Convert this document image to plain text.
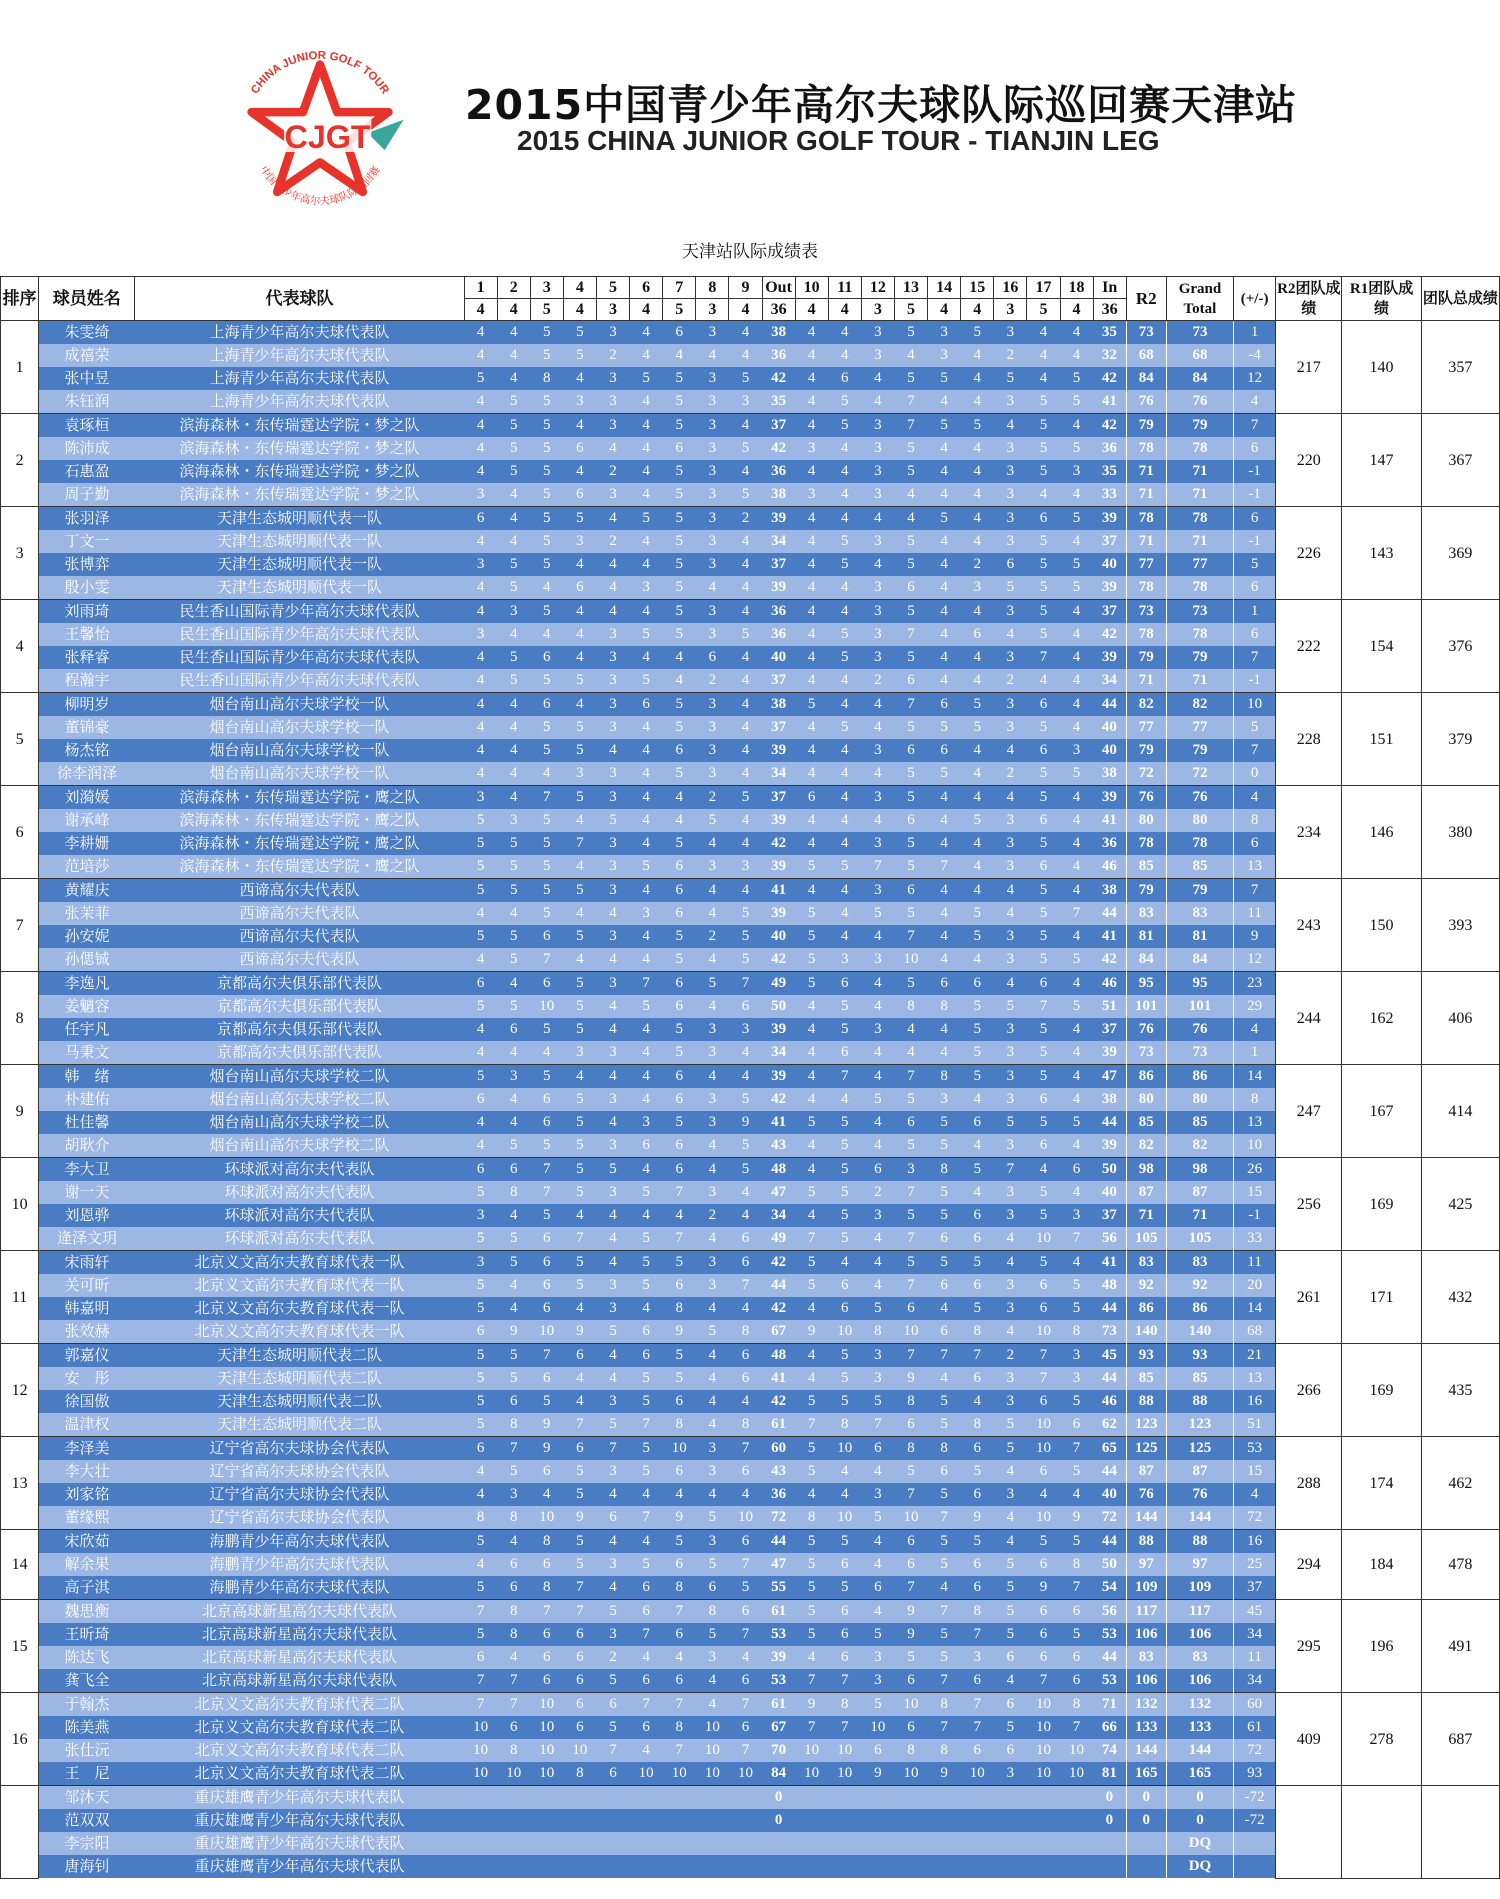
CJGT
CHINA JUNIOR GOLF TOUR
中国青少年高尔夫球队际巡回赛
2015中国青少年高尔夫球队际巡回赛天津站
2015 CHINA JUNIOR GOLF TOUR - TIANJIN LEG
天津站队际成绩表
排序	球员姓名	代表球队	1	2	3	4	5	6	7	8	9	Out	10	11	12	13	14	15	16	17	18	In	R2	Grand Total	(+/-)	R2团队成绩	R1团队成绩	团队总成绩
			4	4	5	4	3	4	5	3	4	36	4	4	3	5	4	4	3	5	4	36						
1	朱雯绮	上海青少年高尔夫球代表队	4	4	5	5	3	4	6	3	4	38	4	4	3	5	3	5	3	4	4	35	73	73	1	217	140	357
	成禧荣	上海青少年高尔夫球代表队	4	4	5	5	2	4	4	4	4	36	4	4	3	4	3	4	2	4	4	32	68	68	-4			
	张中昱	上海青少年高尔夫球代表队	5	4	8	4	3	5	5	3	5	42	4	6	4	5	5	4	5	4	5	42	84	84	12			
	朱钰润	上海青少年高尔夫球代表队	4	5	5	3	3	4	5	3	3	35	4	5	4	7	4	4	3	5	5	41	76	76	4			
2	袁琢桓	滨海森林・东传瑞霆达学院・梦之队	4	5	5	4	3	4	5	3	4	37	4	5	3	7	5	5	4	5	4	42	79	79	7	220	147	367
	陈沛成	滨海森林・东传瑞霆达学院・梦之队	4	5	5	6	4	4	6	3	5	42	3	4	3	5	4	4	3	5	5	36	78	78	6			
	石惠盈	滨海森林・东传瑞霆达学院・梦之队	4	5	5	4	2	4	5	3	4	36	4	4	3	5	4	4	3	5	3	35	71	71	-1			
	周子勤	滨海森林・东传瑞霆达学院・梦之队	3	4	5	6	3	4	5	3	5	38	3	4	3	4	4	4	3	4	4	33	71	71	-1			
3	张羽泽	天津生态城明顺代表一队	6	4	5	5	4	5	5	3	2	39	4	4	4	4	5	4	3	6	5	39	78	78	6	226	143	369
	丁文一	天津生态城明顺代表一队	4	4	5	3	2	4	5	3	4	34	4	5	3	5	4	4	3	5	4	37	71	71	-1			
	张博弈	天津生态城明顺代表一队	3	5	5	4	4	4	5	3	4	37	4	5	4	5	4	2	6	5	5	40	77	77	5			
	殷小雯	天津生态城明顺代表一队	4	5	4	6	4	3	5	4	4	39	4	4	3	6	4	3	5	5	5	39	78	78	6			
4	刘雨琦	民生香山国际青少年高尔夫球代表队	4	3	5	4	4	4	5	3	4	36	4	4	3	5	4	4	3	5	4	37	73	73	1	222	154	376
	王馨怡	民生香山国际青少年高尔夫球代表队	3	4	4	4	3	5	5	3	5	36	4	5	3	7	4	6	4	5	4	42	78	78	6			
	张释睿	民生香山国际青少年高尔夫球代表队	4	5	6	4	3	4	4	6	4	40	4	5	3	5	4	4	3	7	4	39	79	79	7			
	程瀚宇	民生香山国际青少年高尔夫球代表队	4	5	5	5	3	5	4	2	4	37	4	4	2	6	4	4	2	4	4	34	71	71	-1			
5	柳明岁	烟台南山高尔夫球学校一队	4	4	6	4	3	6	5	3	4	38	5	4	4	7	6	5	3	6	4	44	82	82	10	228	151	379
	董锦豪	烟台南山高尔夫球学校一队	4	4	5	5	3	4	5	3	4	37	4	5	4	5	5	5	3	5	4	40	77	77	5			
	杨杰铭	烟台南山高尔夫球学校一队	4	4	5	5	4	4	6	3	4	39	4	4	3	6	6	4	4	6	3	40	79	79	7			
	徐李润泽	烟台南山高尔夫球学校一队	4	4	4	3	3	4	5	3	4	34	4	4	4	5	5	4	2	5	5	38	72	72	0			
6	刘漪媛	滨海森林・东传瑞霆达学院・鹰之队	3	4	7	5	3	4	4	2	5	37	6	4	3	5	4	4	4	5	4	39	76	76	4	234	146	380
	谢承峰	滨海森林・东传瑞霆达学院・鹰之队	5	3	5	4	5	4	4	5	4	39	4	4	4	6	4	5	3	6	4	41	80	80	8			
	李耕姗	滨海森林・东传瑞霆达学院・鹰之队	5	5	5	7	3	4	5	4	4	42	4	4	3	5	4	4	3	5	4	36	78	78	6			
	范培莎	滨海森林・东传瑞霆达学院・鹰之队	5	5	5	4	3	5	6	3	3	39	5	5	7	5	7	4	3	6	4	46	85	85	13			
7	黄耀庆	西谛高尔夫代表队	5	5	5	5	3	4	6	4	4	41	4	4	3	6	4	4	4	5	4	38	79	79	7	243	150	393
	张茉菲	西谛高尔夫代表队	4	4	5	4	4	3	6	4	5	39	5	4	5	5	4	5	4	5	7	44	83	83	11			
	孙安妮	西谛高尔夫代表队	5	5	6	5	3	4	5	2	5	40	5	4	4	7	4	5	3	5	4	41	81	81	9			
	孙偲铖	西谛高尔夫代表队	4	5	7	4	4	4	5	4	5	42	5	3	3	10	4	4	3	5	5	42	84	84	12			
8	李逸凡	京都高尔夫俱乐部代表队	6	4	6	5	3	7	6	5	7	49	5	6	4	5	6	6	4	6	4	46	95	95	23	244	162	406
	姜魑容	京都高尔夫俱乐部代表队	5	5	10	5	4	5	6	4	6	50	4	5	4	8	8	5	5	7	5	51	101	101	29			
	任宇凡	京都高尔夫俱乐部代表队	4	6	5	5	4	4	5	3	3	39	4	5	3	4	4	5	3	5	4	37	76	76	4			
	马秉文	京都高尔夫俱乐部代表队	4	4	4	3	3	4	5	3	4	34	4	6	4	4	4	5	3	5	4	39	73	73	1			
9	韩　绪	烟台南山高尔夫球学校二队	5	3	5	4	4	4	6	4	4	39	4	7	4	7	8	5	3	5	4	47	86	86	14	247	167	414
	朴建佑	烟台南山高尔夫球学校二队	6	4	6	5	3	4	6	3	5	42	4	4	5	5	3	4	3	6	4	38	80	80	8			
	杜佳馨	烟台南山高尔夫球学校二队	4	4	6	5	4	3	5	3	9	41	5	5	4	6	5	6	5	5	5	44	85	85	13			
	胡耿介	烟台南山高尔夫球学校二队	4	5	5	5	3	6	6	4	5	43	4	5	4	5	5	4	3	6	4	39	82	82	10			
10	李大卫	环球派对高尔夫代表队	6	6	7	5	5	4	6	4	5	48	4	5	6	3	8	5	7	4	6	50	98	98	26	256	169	425
	谢一天	环球派对高尔夫代表队	5	8	7	5	3	5	7	3	4	47	5	5	2	7	5	4	3	5	4	40	87	87	15			
	刘恩骅	环球派对高尔夫代表队	3	4	5	4	4	4	4	2	4	34	4	5	3	5	5	6	3	5	3	37	71	71	-1			
	逄泽文玥	环球派对高尔夫代表队	5	5	6	7	4	5	7	4	6	49	7	5	4	7	6	6	4	10	7	56	105	105	33			
11	宋雨轩	北京义文高尔夫教育球代表一队	3	5	6	5	4	5	5	3	6	42	5	4	4	5	5	5	4	5	4	41	83	83	11	261	171	432
	关可昕	北京义文高尔夫教育球代表一队	5	4	6	5	3	5	6	3	7	44	5	6	4	7	6	6	3	6	5	48	92	92	20			
	韩嘉明	北京义文高尔夫教育球代表一队	5	4	6	4	3	4	8	4	4	42	4	6	5	6	4	5	3	6	5	44	86	86	14			
	张效赫	北京义文高尔夫教育球代表一队	6	9	10	9	5	6	9	5	8	67	9	10	8	10	6	8	4	10	8	73	140	140	68			
12	郭嘉仪	天津生态城明顺代表二队	5	5	7	6	4	6	5	4	6	48	4	5	3	7	7	7	2	7	3	45	93	93	21	266	169	435
	安　彤	天津生态城明顺代表二队	5	5	6	4	4	5	5	4	6	41	4	5	3	9	4	6	3	7	3	44	85	85	13			
	徐国傲	天津生态城明顺代表二队	5	6	5	4	3	5	6	4	4	42	5	5	5	8	5	4	3	6	5	46	88	88	16			
	温津权	天津生态城明顺代表二队	5	8	9	7	5	7	8	4	8	61	7	8	7	6	5	8	5	10	6	62	123	123	51			
13	李泽美	辽宁省高尔夫球协会代表队	6	7	9	6	7	5	10	3	7	60	5	10	6	8	8	6	5	10	7	65	125	125	53	288	174	462
	李大壮	辽宁省高尔夫球协会代表队	4	5	6	5	3	5	6	3	6	43	5	4	4	5	6	5	4	6	5	44	87	87	15			
	刘家铭	辽宁省高尔夫球协会代表队	4	3	4	5	4	4	4	4	4	36	4	4	3	7	5	6	3	4	4	40	76	76	4			
	董缘熙	辽宁省高尔夫球协会代表队	8	8	10	9	6	7	9	5	10	72	8	10	5	10	7	9	4	10	9	72	144	144	72			
14	宋欣茹	海鹏青少年高尔夫球代表队	5	4	8	5	4	4	5	3	6	44	5	5	4	6	5	5	4	5	5	44	88	88	16	294	184	478
	解余果	海鹏青少年高尔夫球代表队	4	6	6	5	3	5	6	5	7	47	5	6	4	6	5	6	5	6	8	50	97	97	25			
	高子淇	海鹏青少年高尔夫球代表队	5	6	8	7	4	6	8	6	5	55	5	5	6	7	4	6	5	9	7	54	109	109	37			
15	魏思衡	北京高球新星高尔夫球代表队	7	8	7	7	5	6	7	8	6	61	5	6	4	9	7	8	5	6	6	56	117	117	45	295	196	491
	王昕琦	北京高球新星高尔夫球代表队	5	8	6	6	3	7	6	5	7	53	5	6	5	9	5	7	5	6	5	53	106	106	34			
	陈达飞	北京高球新星高尔夫球代表队	6	4	6	6	2	4	4	3	4	39	4	6	3	5	5	3	6	6	6	44	83	83	11			
	龚飞全	北京高球新星高尔夫球代表队	7	7	6	6	5	6	6	4	6	53	7	7	3	6	7	6	4	7	6	53	106	106	34			
16	于翰杰	北京义文高尔夫教育球代表二队	7	7	10	6	6	7	7	4	7	61	9	8	5	10	8	7	6	10	8	71	132	132	60	409	278	687
	陈美燕	北京义文高尔夫教育球代表二队	10	6	10	6	5	6	8	10	6	67	7	7	10	6	7	7	5	10	7	66	133	133	61			
	张仕沅	北京义文高尔夫教育球代表二队	10	8	10	10	7	4	7	10	7	70	10	10	6	8	8	6	6	10	10	74	144	144	72			
	王　尼	北京义文高尔夫教育球代表二队	10	10	10	8	6	10	10	10	10	84	10	10	9	10	9	10	3	10	10	81	165	165	93			
	邹沐天	重庆雄鹰青少年高尔夫球代表队										0										0	0	0	-72			
	范双双	重庆雄鹰青少年高尔夫球代表队										0										0	0	0	-72			
	李宗阳	重庆雄鹰青少年高尔夫球代表队																						DQ				
	唐海钊	重庆雄鹰青少年高尔夫球代表队																						DQ				
